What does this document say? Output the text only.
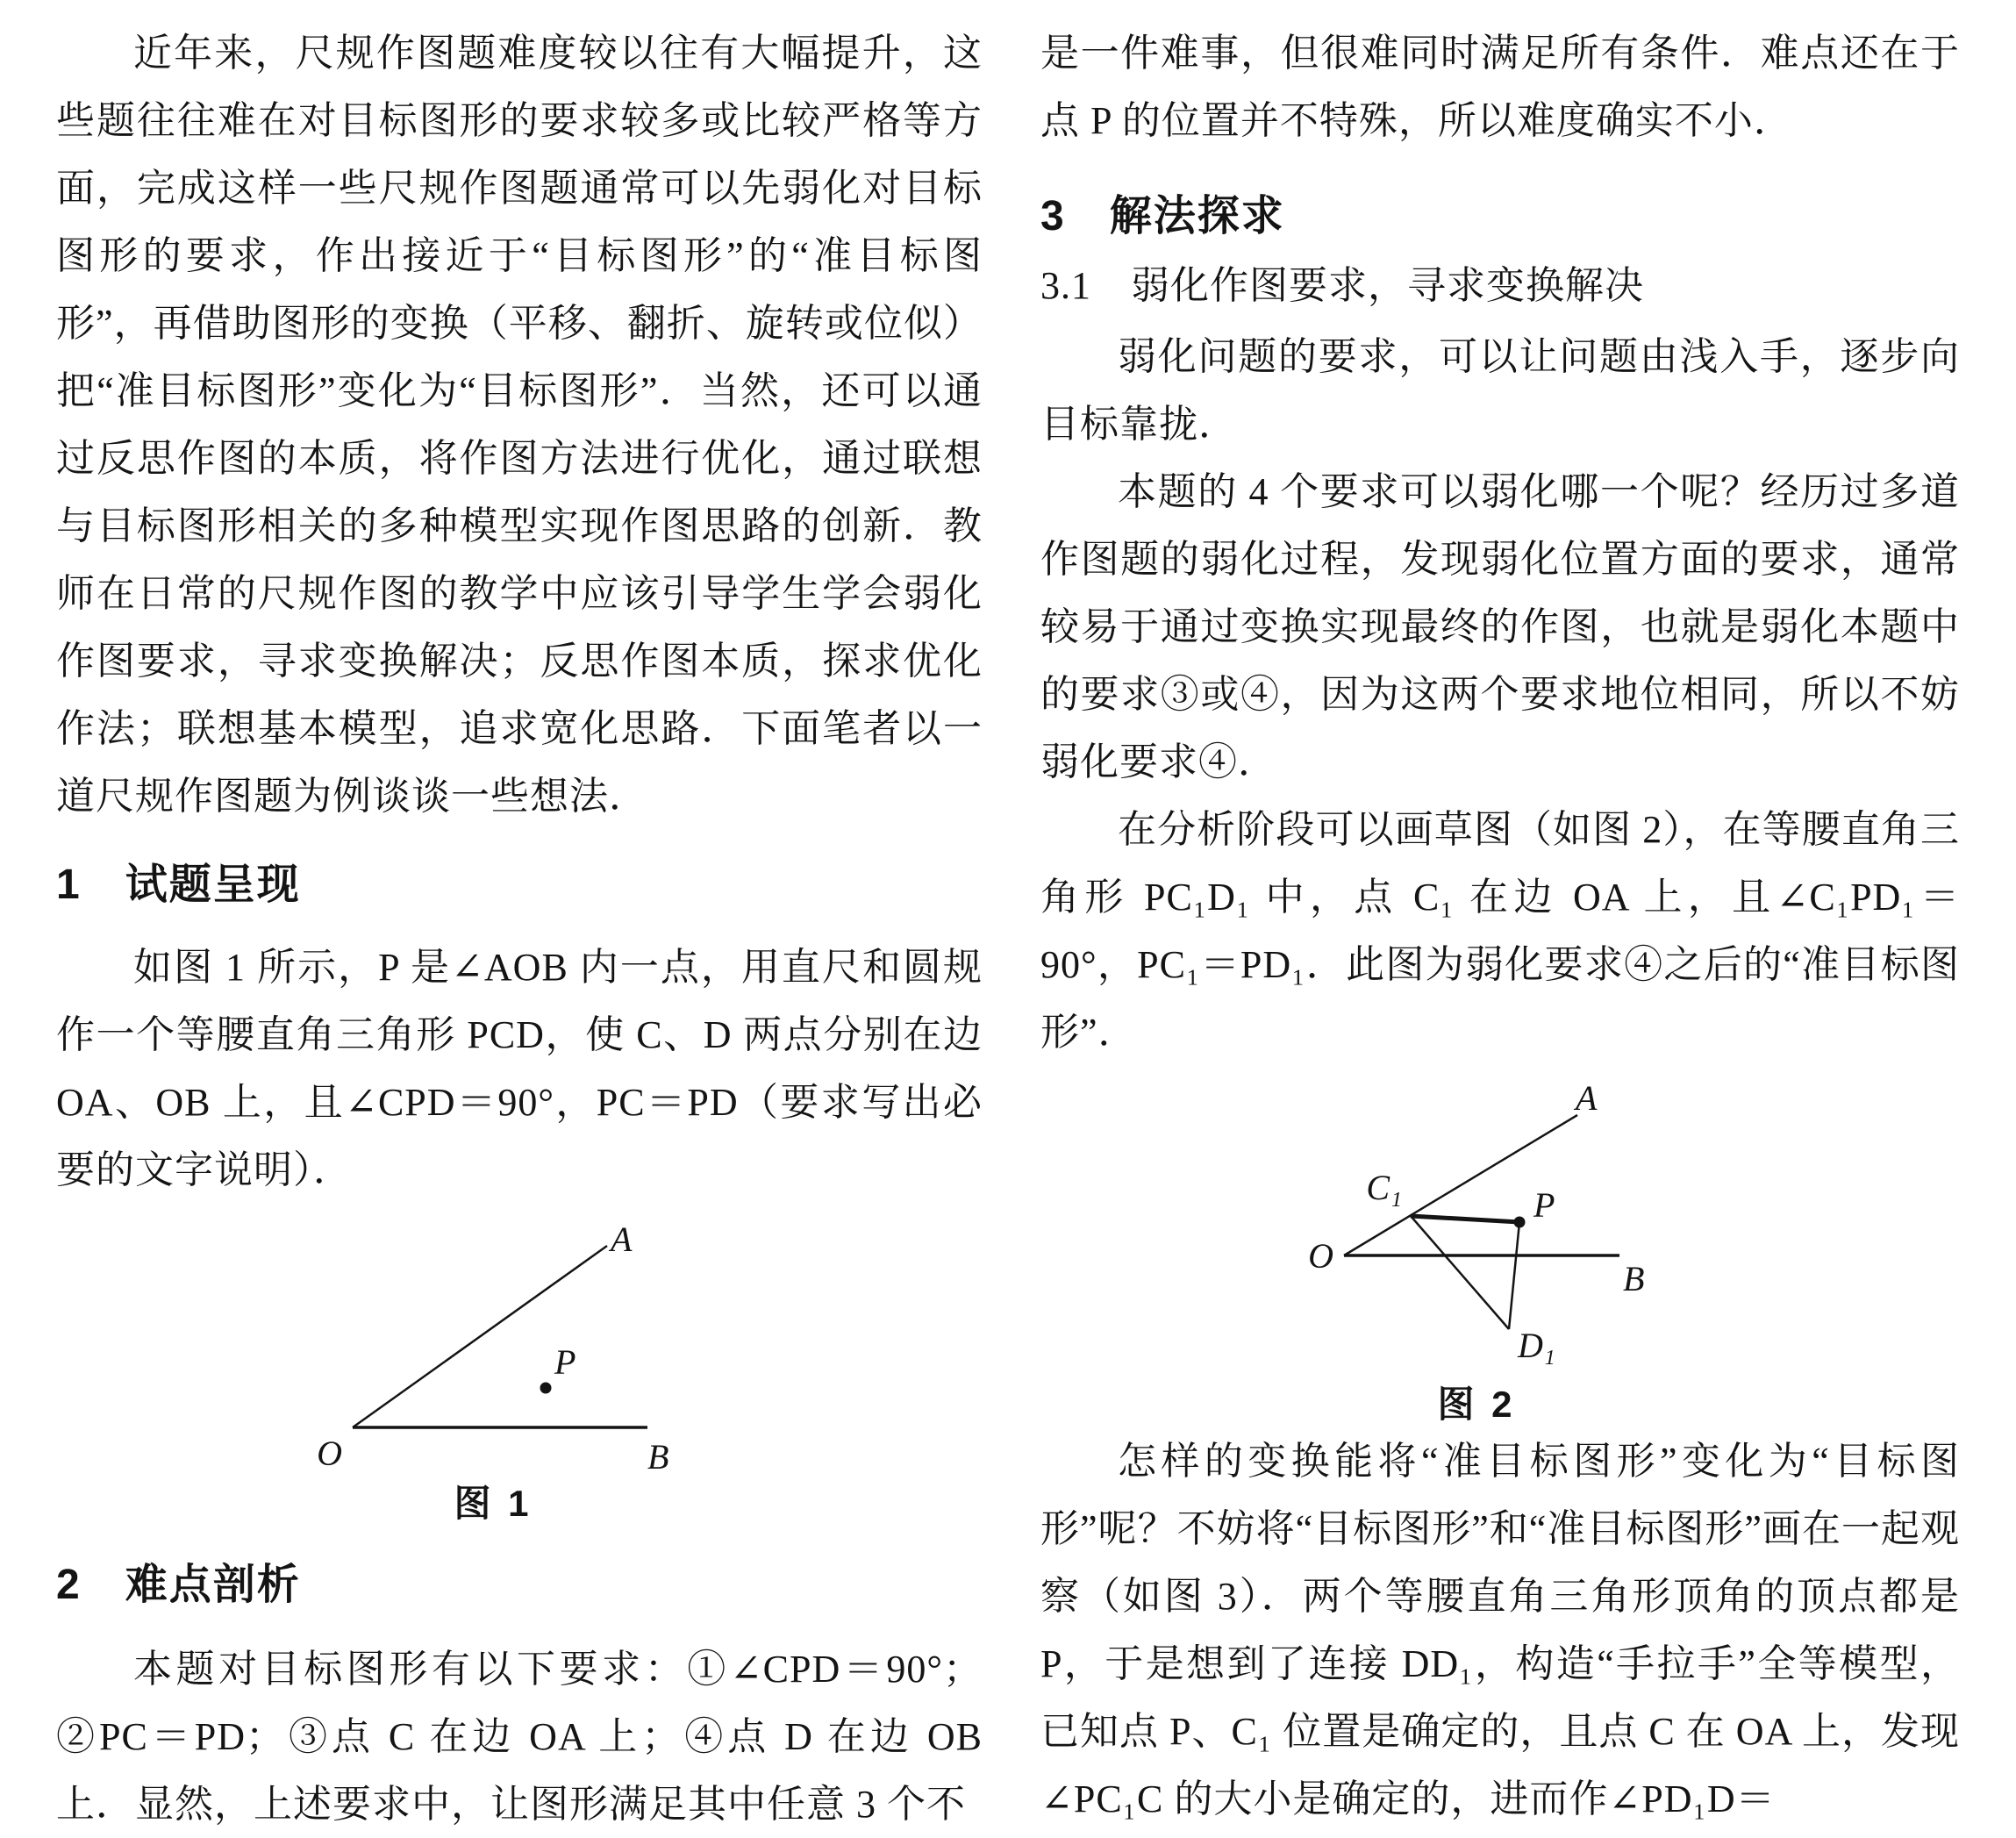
近年来，尺规作图题难度较以往有大幅提升，这些题往往难在对目标图形的要求较多或比较严格等方面，完成这样一些尺规作图题通常可以先弱化对目标图形的要求，作出接近于“目标图形”的“准目标图形”，再借助图形的变换（平移、翻折、旋转或位似）把“准目标图形”变化为“目标图形”．当然，还可以通过反思作图的本质，将作图方法进行优化，通过联想与目标图形相关的多种模型实现作图思路的创新．教师在日常的尺规作图的教学中应该引导学生学会弱化作图要求，寻求变换解决；反思作图本质，探求优化作法；联想基本模型，追求宽化思路．下面笔者以一道尺规作图题为例谈谈一些想法．

1　试题呈现

如图 1 所示，P 是∠AOB 内一点，用直尺和圆规作一个等腰直角三角形 PCD，使 C、D 两点分别在边 OA、OB 上，且∠CPD＝90°，PC＝PD（要求写出必要的文字说明）．

A
O	B
P
图 1
2　难点剖析

本题对目标图形有以下要求：①∠CPD＝90°；②PC＝PD；③点 C 在边 OA 上；④点 D 在边 OB 上．显然，上述要求中，让图形满足其中任意 3 个不

是一件难事，但很难同时满足所有条件．难点还在于点 P 的位置并不特殊，所以难度确实不小．

3　解法探求
3.1　弱化作图要求，寻求变换解决

弱化问题的要求，可以让问题由浅入手，逐步向目标靠拢．

本题的 4 个要求可以弱化哪一个呢？经历过多道作图题的弱化过程，发现弱化位置方面的要求，通常较易于通过变换实现最终的作图，也就是弱化本题中的要求③或④，因为这两个要求地位相同，所以不妨弱化要求④．

在分析阶段可以画草图（如图 2），在等腰直角三角形 PC₁D₁ 中，点 C₁ 在边 OA 上，且∠C₁PD₁＝90°，PC₁＝PD₁．此图为弱化要求④之后的“准目标图形”．

A
O
B
C₁	P
D₁
图 2

怎样的变换能将“准目标图形”变化为“目标图形”呢？不妨将“目标图形”和“准目标图形”画在一起观察（如图 3）．两个等腰直角三角形顶角的顶点都是 P，于是想到了连接 DD₁，构造“手拉手”全等模型，已知点 P、C₁ 位置是确定的，且点 C 在 OA 上，发现∠PC₁C 的大小是确定的，进而作∠PD₁D＝
